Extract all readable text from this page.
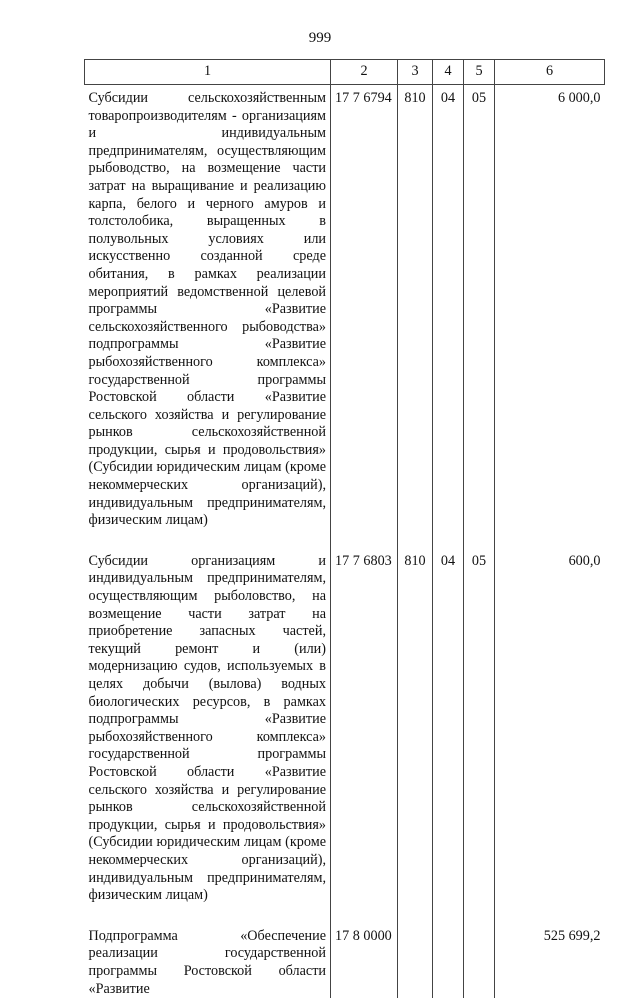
999
1	2	3	4	5	6
Субсидии сельскохозяйственным товаропроизводителям - организациям и индивидуальным предпринимателям, осуществляющим рыбоводство, на возмещение части затрат на выращивание и реализацию карпа, белого и черного амуров и толстолобика, выращенных в полувольных условиях или искусственно созданной среде обитания, в рамках реализации мероприятий ведомственной целевой программы «Развитие сельскохозяйственного рыбоводства» подпрограммы «Развитие рыбохозяйственного комплекса» государственной программы Ростовской области «Развитие сельского хозяйства и регулирование рынков сельскохозяйственной продукции, сырья и продовольствия» (Субсидии юридическим лицам (кроме некоммерческих организаций), индивидуальным предпринимателям, физическим лицам)	17 7 6794	810	04	05	6 000,0
Субсидии организациям и индивидуальным предпринимателям, осуществляющим рыболовство, на возмещение части затрат на приобретение запасных частей, текущий ремонт и (или) модернизацию судов, используемых в целях добычи (вылова) водных биологических ресурсов, в рамках подпрограммы «Развитие рыбохозяйственного комплекса» государственной программы Ростовской области «Развитие сельского хозяйства и регулирование рынков сельскохозяйственной продукции, сырья и продовольствия» (Субсидии юридическим лицам (кроме некоммерческих организаций), индивидуальным предпринимателям, физическим лицам)	17 7 6803	810	04	05	600,0
Подпрограмма «Обеспечение реализации государственной программы Ростовской области «Развитие	17 8 0000				525 699,2
